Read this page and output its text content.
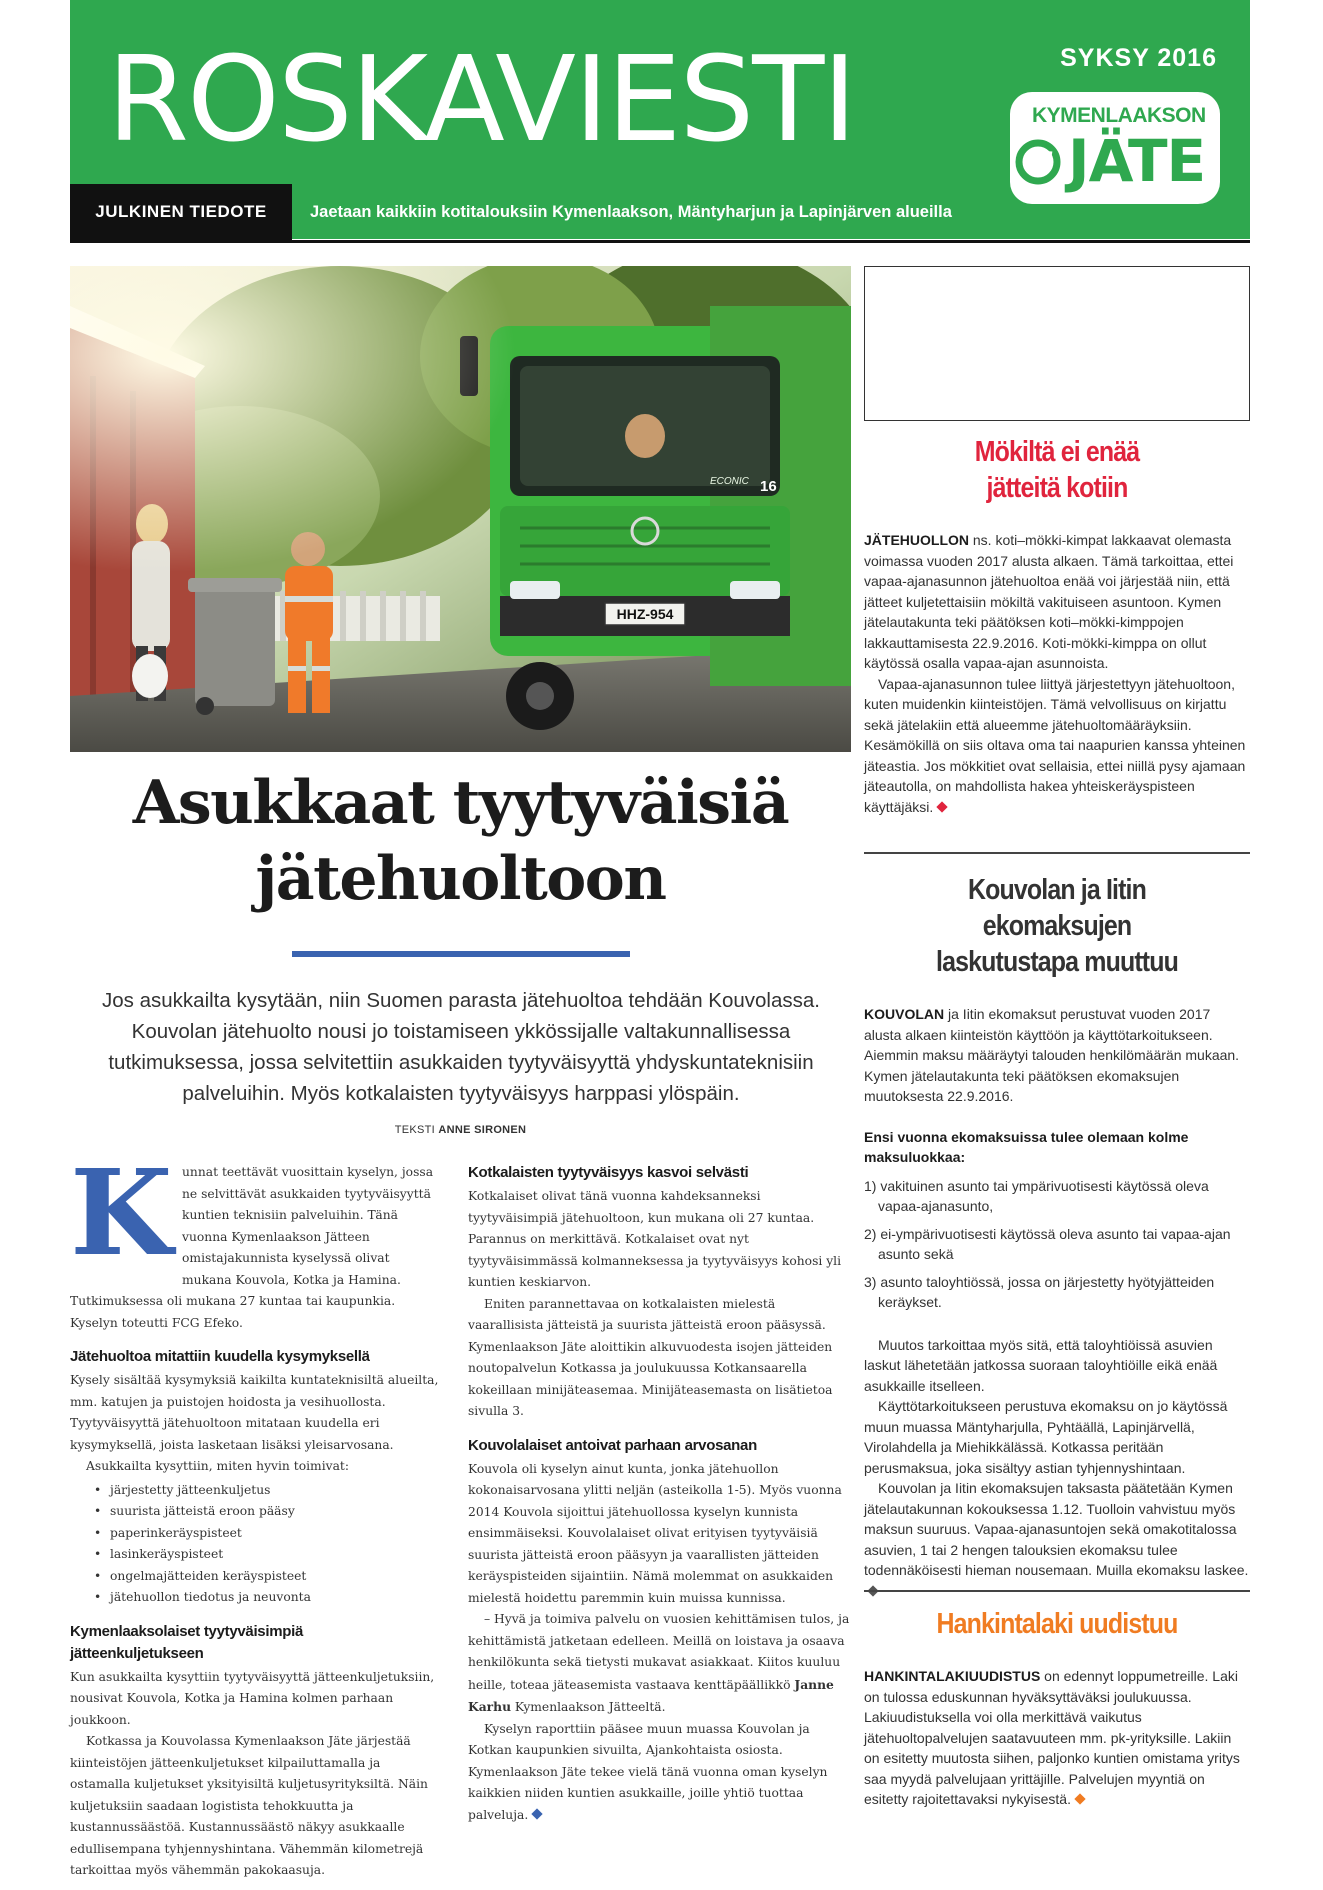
ROSKAVIESTI	SYKSY 2016
KYMENLAAKSON
JÄTE
JULKINEN TIEDOTE	Jaetaan kaikkiin kotitalouksiin Kymenlaakson, Mäntyharjun ja Lapinjärven alueilla
Asukkaat tyytyväisiä
jätehuoltoon
Jos asukkailta kysytään, niin Suomen parasta jätehuoltoa tehdään Kouvolassa. Kouvolan jätehuolto nousi jo toistamiseen ykkössijalle valtakunnallisessa tutkimuksessa, jossa selvitettiin asukkaiden tyytyväisyyttä yhdyskuntateknisiin palveluihin. Myös kotkalaisten tyytyväisyys harppasi ylöspäin.
TEKSTI ANNE SIRONEN
K unnat teettävät vuosittain kyselyn, jossa ne selvittävät asukkaiden tyytyväisyyttä kuntien teknisiin palveluihin. Tänä vuonna Kymenlaakson Jätteen omistajakunnista kyselyssä olivat mukana Kouvola, Kotka ja Hamina. Tutkimuksessa oli mukana 27 kuntaa tai kaupunkia. Kyselyn toteutti FCG Efeko.

Jätehuoltoa mitattiin kuudella kysymyksellä

Kysely sisältää kysymyksiä kaikilta kuntateknisiltä alueilta, mm. katujen ja puistojen hoidosta ja vesihuollosta. Tyytyväisyyttä jätehuoltoon mitataan kuudella eri kysymyksellä, joista lasketaan lisäksi yleisarvosana.

Asukkailta kysyttiin, miten hyvin toimivat:

• järjestetty jätteenkuljetus
• suurista jätteistä eroon pääsy
• paperinkeräyspisteet
• lasinkeräyspisteet
• ongelmajätteiden keräyspisteet
• jätehuollon tiedotus ja neuvonta
Kymenlaaksolaiset tyytyväisimpiä jätteenkuljetukseen

Kun asukkailta kysyttiin tyytyväisyyttä jätteenkuljetuksiin, nousivat Kouvola, Kotka ja Hamina kolmen parhaan joukkoon.

Kotkassa ja Kouvolassa Kymenlaakson Jäte järjestää kiinteistöjen jätteenkuljetukset kilpailuttamalla ja ostamalla kuljetukset yksityisiltä kuljetusyrityksiltä. Näin kuljetuksiin saadaan logistista tehokkuutta ja kustannussäästöä. Kustannussäästö näkyy asukkaalle edullisempana tyhjennyshintana. Vähemmän kilometrejä tarkoittaa myös vähemmän pakokaasuja.

Kotkalaisten tyytyväisyys kasvoi selvästi

Kotkalaiset olivat tänä vuonna kahdeksanneksi tyytyväisimpiä jätehuoltoon, kun mukana oli 27 kuntaa. Parannus on merkittävä. Kotkalaiset ovat nyt tyytyväisimmässä kolmanneksessa ja tyytyväisyys kohosi yli kuntien keskiarvon.

Eniten parannettavaa on kotkalaisten mielestä vaarallisista jätteistä ja suurista jätteistä eroon pääsyssä. Kymenlaakson Jäte aloittikin alkuvuodesta isojen jätteiden noutopalvelun Kotkassa ja joulukuussa Kotkansaarella kokeillaan minijäteasemaa. Minijäteasemasta on lisätietoa sivulla 3.

Kouvolalaiset antoivat parhaan arvosanan

Kouvola oli kyselyn ainut kunta, jonka jätehuollon kokonaisarvosana ylitti neljän (asteikolla 1-5). Myös vuonna 2014 Kouvola sijoittui jätehuollossa kyselyn kunnista ensimmäiseksi. Kouvolalaiset olivat erityisen tyytyväisiä suurista jätteistä eroon pääsyyn ja vaarallisten jätteiden keräyspisteiden sijaintiin. Nämä molemmat on asukkaiden mielestä hoidettu paremmin kuin muissa kunnissa.

– Hyvä ja toimiva palvelu on vuosien kehittämisen tulos, ja kehittämistä jatketaan edelleen. Meillä on loistava ja osaava henkilökunta sekä tietysti mukavat asiakkaat. Kiitos kuuluu heille, toteaa jäteasemista vastaava kenttäpäällikkö Janne Karhu Kymenlaakson Jätteeltä.

Kyselyn raporttiin pääsee muun muassa Kouvolan ja Kotkan kaupunkien sivuilta, Ajankohtaista osiosta. Kymenlaakson Jäte tekee vielä tänä vuonna oman kyselyn kaikkien niiden kuntien asukkaille, joille yhtiö tuottaa palveluja.

Mökiltä ei enää
jätteitä kotiin

JÄTEHUOLLON ns. koti–mökki-kimpat lakkaavat olemasta voimassa vuoden 2017 alusta alkaen. Tämä tarkoittaa, ettei vapaa-ajanasunnon jätehuoltoa enää voi järjestää niin, että jätteet kuljetettaisiin mökiltä vakituiseen asuntoon. Kymen jätelautakunta teki päätöksen koti–mökki-kimppojen lakkauttamisesta 22.9.2016. Koti-mökki-kimppa on ollut käytössä osalla vapaa-ajan asunnoista.

Vapaa-ajanasunnon tulee liittyä järjestettyyn jätehuoltoon, kuten muidenkin kiinteistöjen. Tämä velvollisuus on kirjattu sekä jätelakiin että alueemme jätehuoltomääräyksiin. Kesämökillä on siis oltava oma tai naapurien kanssa yhteinen jäteastia. Jos mökkitiet ovat sellaisia, ettei niillä pysy ajamaan jäteautolla, on mahdollista hakea yhteiskeräyspisteen käyttäjäksi.

Kouvolan ja Iitin ekomaksujen
laskutustapa muuttuu

KOUVOLAN ja Iitin ekomaksut perustuvat vuoden 2017 alusta alkaen kiinteistön käyttöön ja käyttötarkoitukseen. Aiemmin maksu määräytyi talouden henkilömäärän mukaan. Kymen jätelautakunta teki päätöksen ekomaksujen muutoksesta 22.9.2016.

Ensi vuonna ekomaksuissa tulee olemaan kolme maksuluokkaa:

1) vakituinen asunto tai ympärivuotisesti käytössä oleva vapaa-ajanasunto,
2) ei-ympärivuotisesti käytössä oleva asunto tai vapaa-ajan asunto sekä
3) asunto taloyhtiössä, jossa on järjestetty hyötyjätteiden keräykset.

Muutos tarkoittaa myös sitä, että taloyhtiöissä asuvien laskut lähetetään jatkossa suoraan taloyhtiöille eikä enää asukkaille itselleen.

Käyttötarkoitukseen perustuva ekomaksu on jo käytössä muun muassa Mäntyharjulla, Pyhtäällä, Lapinjärvellä, Virolahdella ja Miehikkälässä. Kotkassa peritään perusmaksua, joka sisältyy astian tyhjennyshintaan.

Kouvolan ja Iitin ekomaksujen taksasta päätetään Kymen jätelautakunnan kokouksessa 1.12. Tuolloin vahvistuu myös maksun suuruus. Vapaa-ajanasuntojen sekä omakotitalossa asuvien, 1 tai 2 hengen talouksien ekomaksu tulee todennäköisesti hieman nousemaan. Muilla ekomaksu laskee.

Hankintalaki uudistuu

HANKINTALAKIUUDISTUS on edennyt loppumetreille. Laki on tulossa eduskunnan hyväksyttäväksi joulukuussa. Lakiuudistuksella voi olla merkittävä vaikutus jätehuoltopalvelujen saatavuuteen mm. pk-yrityksille. Lakiin on esitetty muutosta siihen, paljonko kuntien omistama yritys saa myydä palvelujaan yrittäjille. Palvelujen myyntiä on esitetty rajoitettavaksi nykyisestä.
